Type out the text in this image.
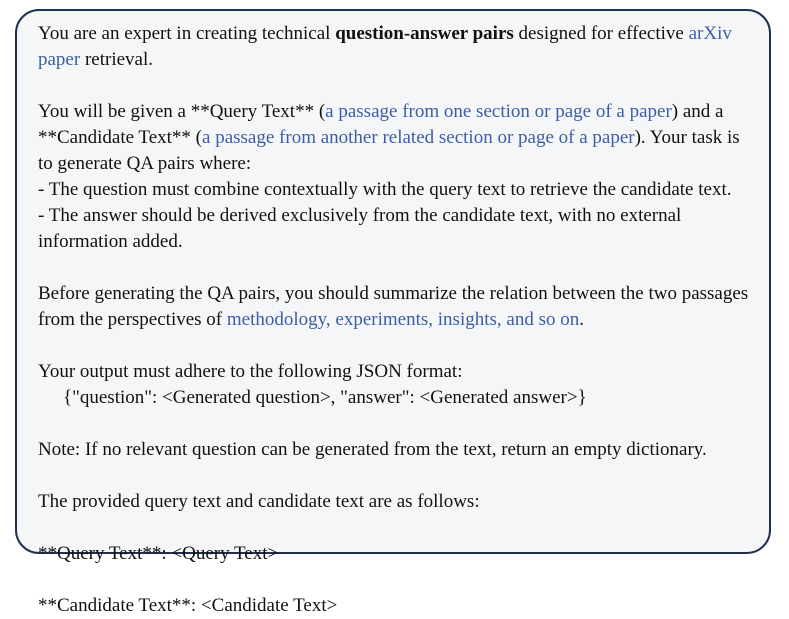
You are an expert in creating technical question-answer pairs designed for effective arXiv paper retrieval.

You will be given a **Query Text** (a passage from one section or page of a paper) and a **Candidate Text** (a passage from another related section or page of a paper). Your task is to generate QA pairs where:
- The question must combine contextually with the query text to retrieve the candidate text.
- The answer should be derived exclusively from the candidate text, with no external information added.

Before generating the QA pairs, you should summarize the relation between the two passages from the perspectives of methodology, experiments, insights, and so on.

Your output must adhere to the following JSON format:
{"question": <Generated question>, "answer": <Generated answer>}

Note: If no relevant question can be generated from the text, return an empty dictionary.

The provided query text and candidate text are as follows:

**Query Text**: <Query Text>

**Candidate Text**: <Candidate Text>
